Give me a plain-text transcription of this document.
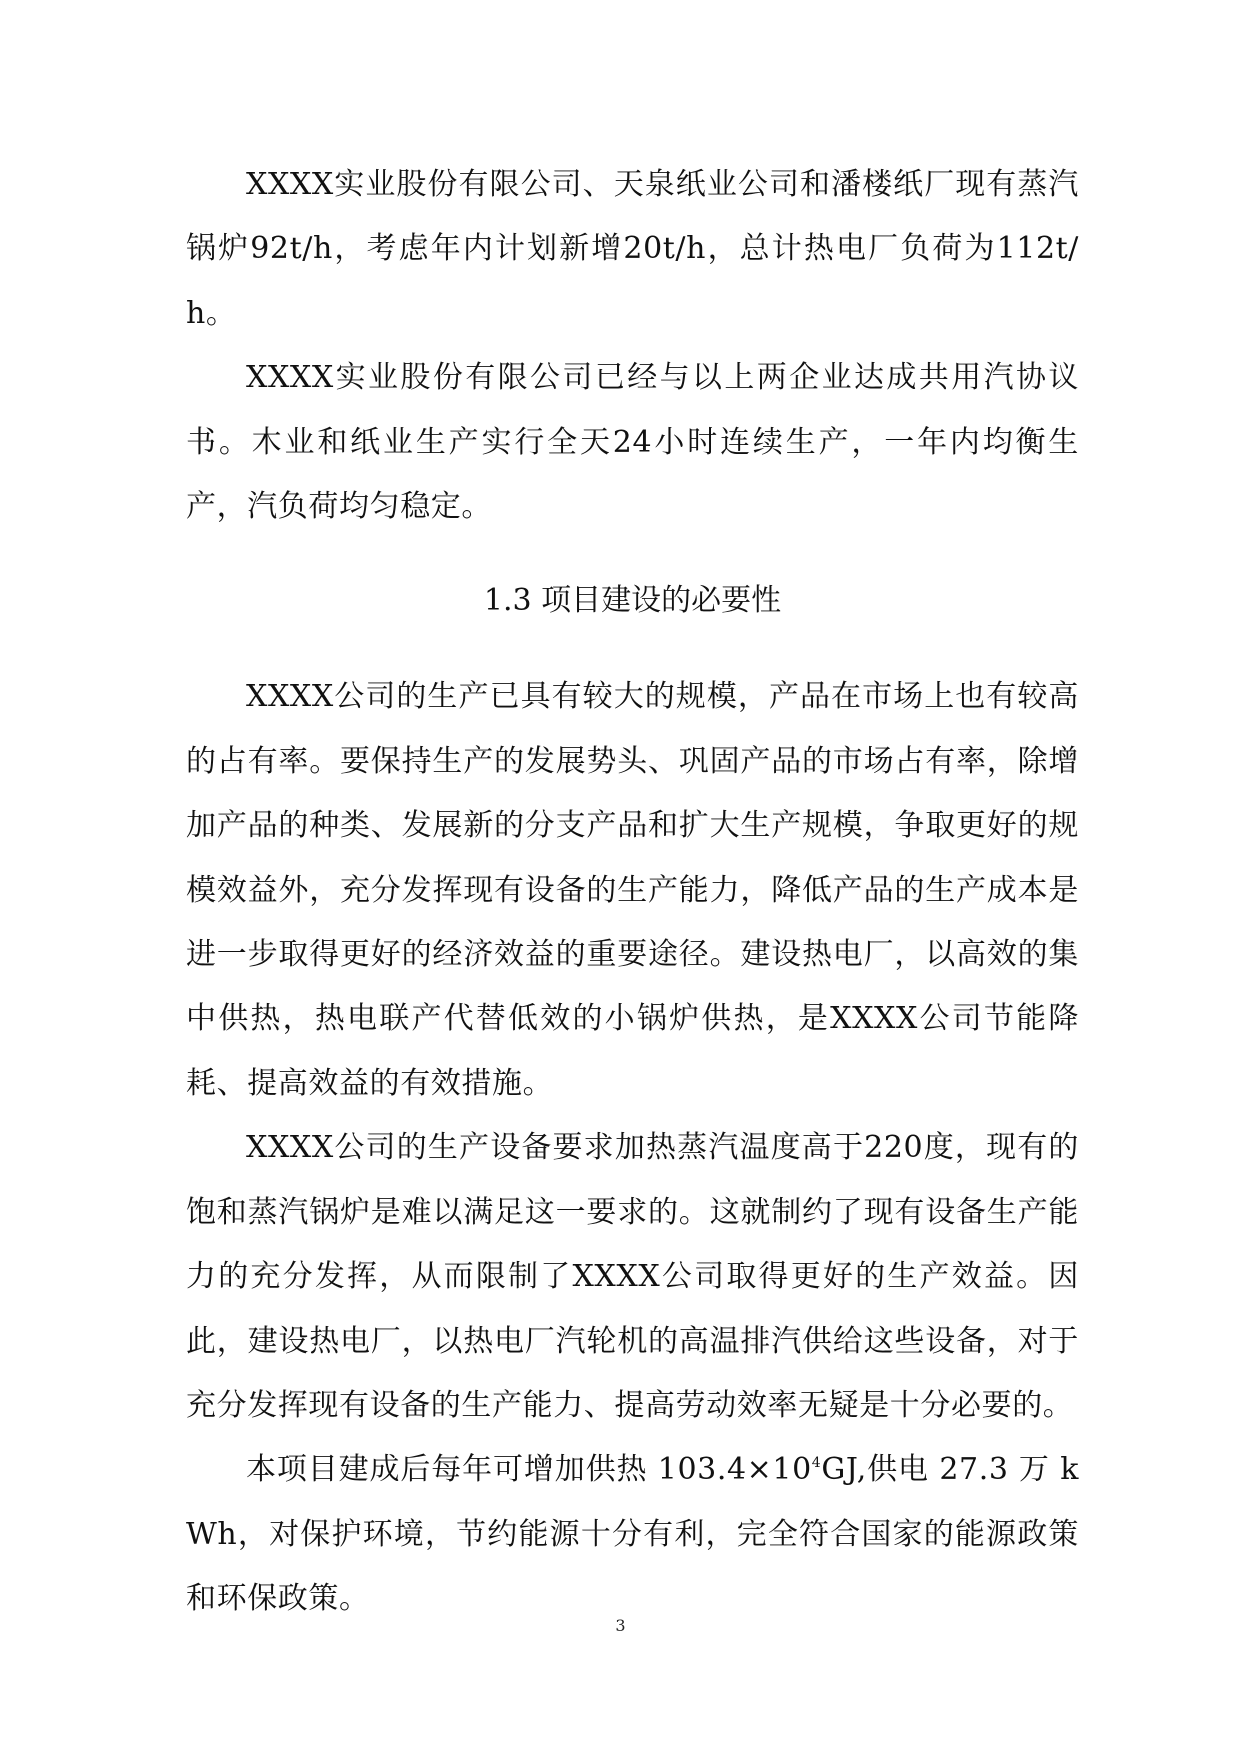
XXXX实业股份有限公司、天泉纸业公司和潘楼纸厂现有蒸汽锅炉92t/h，考虑年内计划新增20t/h，总计热电厂负荷为112t/h。

XXXX实业股份有限公司已经与以上两企业达成共用汽协议书。木业和纸业生产实行全天24小时连续生产，一年内均衡生产，汽负荷均匀稳定。

1.3 项目建设的必要性

XXXX公司的生产已具有较大的规模，产品在市场上也有较高的占有率。要保持生产的发展势头、巩固产品的市场占有率，除增加产品的种类、发展新的分支产品和扩大生产规模，争取更好的规模效益外，充分发挥现有设备的生产能力，降低产品的生产成本是进一步取得更好的经济效益的重要途径。建设热电厂，以高效的集中供热，热电联产代替低效的小锅炉供热，是XXXX公司节能降耗、提高效益的有效措施。

XXXX公司的生产设备要求加热蒸汽温度高于220度，现有的饱和蒸汽锅炉是难以满足这一要求的。这就制约了现有设备生产能力的充分发挥，从而限制了XXXX公司取得更好的生产效益。因此，建设热电厂，以热电厂汽轮机的高温排汽供给这些设备，对于充分发挥现有设备的生产能力、提高劳动效率无疑是十分必要的。

本项目建成后每年可增加供热 $103.4\times 10^4GJ$,供电 27.3 万 kWh，对保护环境，节约能源十分有利，完全符合国家的能源政策和环保政策。

3
